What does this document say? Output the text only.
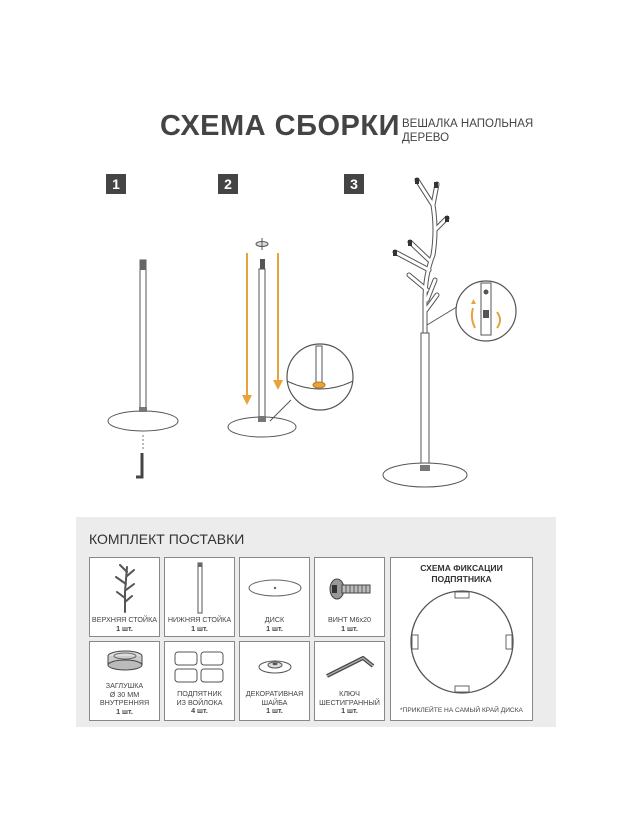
СХЕМА СБОРКИ ВЕШАЛКА НАПОЛЬНАЯ
ДЕРЕВО
1	2	3
КОМПЛЕКТ ПОСТАВКИ
ВЕРХНЯЯ СТОЙКА
1 шт.
НИЖНЯЯ СТОЙКА
1 шт.
ДИСК
1 шт.
ВИНТ М6х20
1 шт.
ЗАГЛУШКА
Ø 30 MM
ВНУТРЕННЯЯ
1 шт.
ПОДПЯТНИК
ИЗ ВОЙЛОКА
4 шт.
ДЕКОРАТИВНАЯ
ШАЙБА
1 шт.
КЛЮЧ
ШЕСТИГРАННЫЙ
1 шт.
СХЕМА ФИКСАЦИИ
ПОДПЯТНИКА
*ПРИКЛЕЙТЕ НА САМЫЙ КРАЙ ДИСКА
